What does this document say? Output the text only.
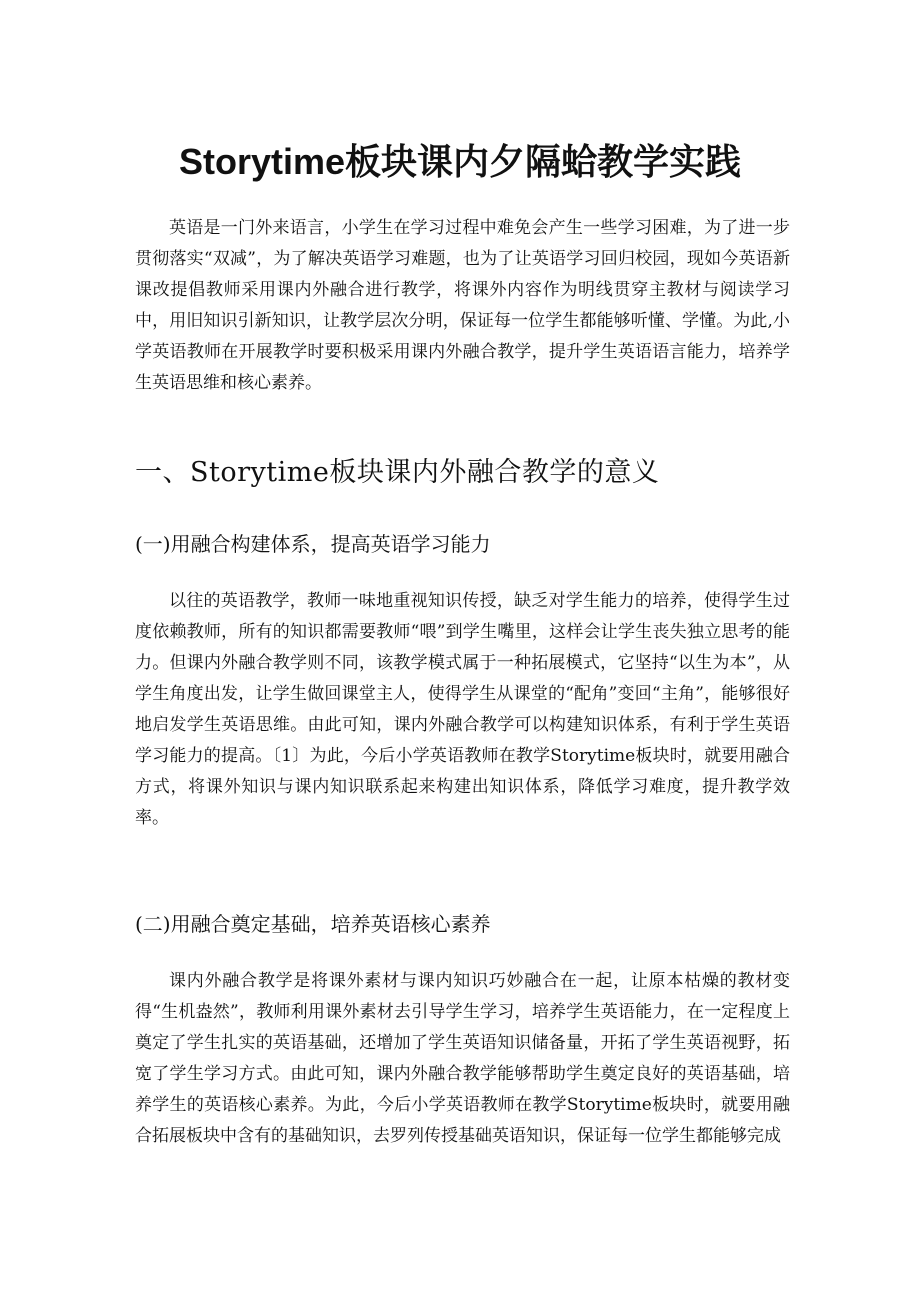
Storytime板块课内夕隔蛤教学实践

英语是一门外来语言，小学生在学习过程中难免会产生一些学习困难，为了进一步贯彻落实“双减”，为了解决英语学习难题，也为了让英语学习回归校园，现如今英语新课改提倡教师采用课内外融合进行教学，将课外内容作为明线贯穿主教材与阅读学习中，用旧知识引新知识，让教学层次分明，保证每一位学生都能够听懂、学懂。为此,小学英语教师在开展教学时要积极采用课内外融合教学，提升学生英语语言能力，培养学生英语思维和核心素养。

一、Storytime板块课内外融合教学的意义
(一)用融合构建体系，提高英语学习能力

以往的英语教学，教师一味地重视知识传授，缺乏对学生能力的培养，使得学生过度依赖教师，所有的知识都需要教师“喂”到学生嘴里，这样会让学生丧失独立思考的能力。但课内外融合教学则不同，该教学模式属于一种拓展模式，它坚持“以生为本”，从学生角度出发，让学生做回课堂主人，使得学生从课堂的“配角”变回“主角”，能够很好地启发学生英语思维。由此可知，课内外融合教学可以构建知识体系，有利于学生英语学习能力的提高。〔1〕为此，今后小学英语教师在教学Storytime板块时，就要用融合方式，将课外知识与课内知识联系起来构建出知识体系，降低学习难度，提升教学效率。

(二)用融合奠定基础，培养英语核心素养

课内外融合教学是将课外素材与课内知识巧妙融合在一起，让原本枯燥的教材变得“生机盎然”，教师利用课外素材去引导学生学习，培养学生英语能力，在一定程度上奠定了学生扎实的英语基础，还增加了学生英语知识储备量，开拓了学生英语视野，拓宽了学生学习方式。由此可知，课内外融合教学能够帮助学生奠定良好的英语基础，培养学生的英语核心素养。为此，今后小学英语教师在教学Storytime板块时，就要用融合拓展板块中含有的基础知识，去罗列传授基础英语知识，保证每一位学生都能够完成
